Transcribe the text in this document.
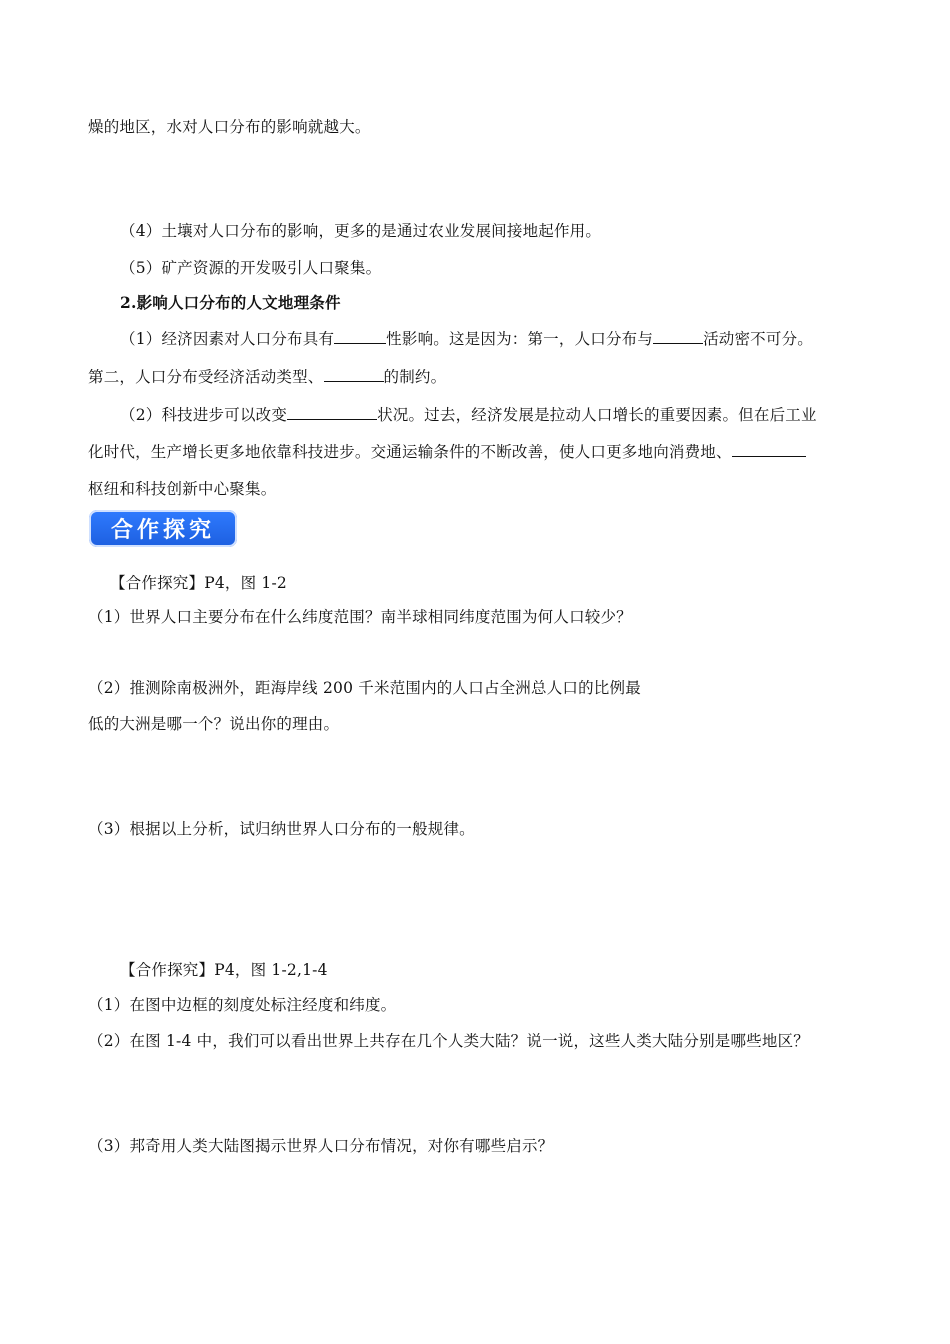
燥的地区，水对人口分布的影响就越大。
（4）土壤对人口分布的影响，更多的是通过农业发展间接地起作用。
（5）矿产资源的开发吸引人口聚集。
2.影响人口分布的人文地理条件
（1）经济因素对人口分布具有	性影响。这是因为：第一，人口分布与	活动密不可分。
第二，人口分布受经济活动类型、	的制约。
（2）科技进步可以改变	状况。过去，经济发展是拉动人口增长的重要因素。但在后工业
化时代，生产增长更多地依靠科技进步。交通运输条件的不断改善，使人口更多地向消费地、
枢纽和科技创新中心聚集。
合作探究
【合作探究】P4，图 1-2
（1）世界人口主要分布在什么纬度范围？南半球相同纬度范围为何人口较少？
（2）推测除南极洲外，距海岸线 200 千米范围内的人口占全洲总人口的比例最
低的大洲是哪一个？说出你的理由。
（3）根据以上分析，试归纳世界人口分布的一般规律。
【合作探究】P4，图 1-2,1-4
（1）在图中边框的刻度处标注经度和纬度。
（2）在图 1-4 中，我们可以看出世界上共存在几个人类大陆？说一说，这些人类大陆分别是哪些地区？
（3）邦奇用人类大陆图揭示世界人口分布情况，对你有哪些启示？
